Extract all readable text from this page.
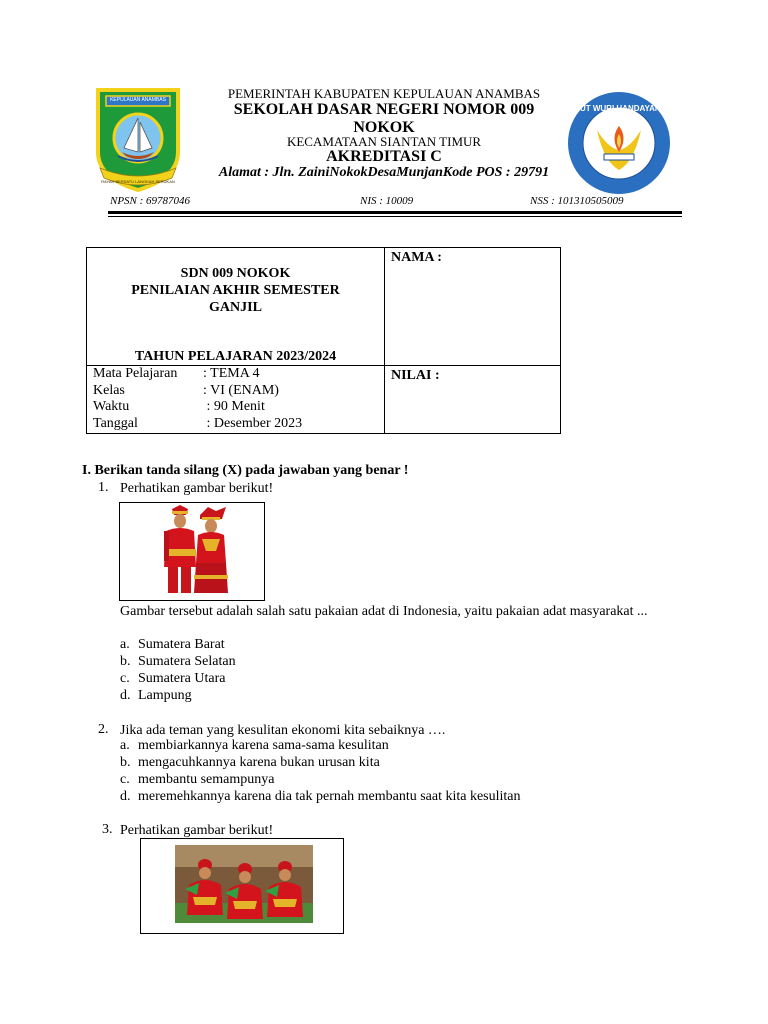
KEPULAUAN ANAMBAS
RAYAH BERSATU LANGKAH SERUKAN
TUT WURI HANDAYANI
PEMERINTAH KABUPATEN KEPULAUAN ANAMBAS
SEKOLAH DASAR NEGERI NOMOR 009
NOKOK
KECAMATAAN SIANTAN TIMUR
AKREDITASI C
Alamat : Jln. ZainiNokokDesaMunjanKode POS : 29791
NPSN : 69787046	NIS : 10009	NSS : 101310505009
SDN 009 NOKOK
PENILAIAN AKHIR SEMESTER
GANJIL
TAHUN PELAJARAN 2023/2024
NAMA :
NILAI :
Mata Pelajaran : TEMA 4
Kelas	: VI (ENAM)
Waktu	: 90 Menit
Tanggal	: Desember 2023
I. Berikan tanda silang (X) pada jawaban yang benar !
1. Perhatikan gambar berikut!
Gambar tersebut adalah salah satu pakaian adat di Indonesia, yaitu pakaian adat masyarakat ...
a. Sumatera Barat
b. Sumatera Selatan
c. Sumatera Utara
d. Lampung
2. Jika ada teman yang kesulitan ekonomi kita sebaiknya ….
a. membiarkannya karena sama-sama kesulitan
b. mengacuhkannya karena bukan urusan kita
c. membantu semampunya
d. meremehkannya karena dia tak pernah membantu saat kita kesulitan
3. Perhatikan gambar berikut!
